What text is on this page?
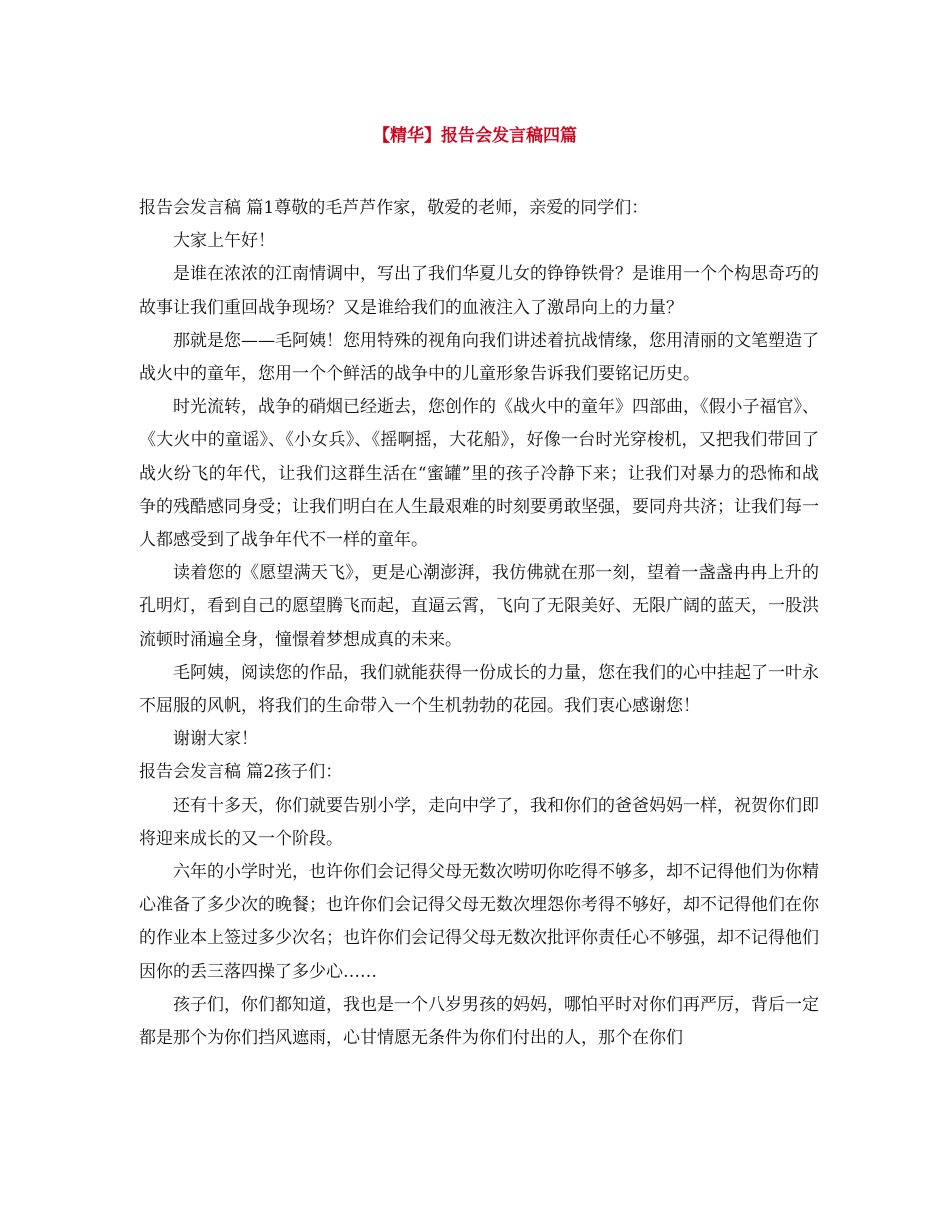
【精华】报告会发言稿四篇

报告会发言稿 篇1尊敬的毛芦芦作家，敬爱的老师，亲爱的同学们：

大家上午好！

是谁在浓浓的江南情调中，写出了我们华夏儿女的铮铮铁骨？是谁用一个个构思奇巧的故事让我们重回战争现场？又是谁给我们的血液注入了激昂向上的力量？

那就是您——毛阿姨！您用特殊的视角向我们讲述着抗战情缘，您用清丽的文笔塑造了战火中的童年，您用一个个鲜活的战争中的儿童形象告诉我们要铭记历史。

时光流转，战争的硝烟已经逝去，您创作的《战火中的童年》四部曲，《假小子福官》、《大火中的童谣》、《小女兵》、《摇啊摇，大花船》，好像一台时光穿梭机，又把我们带回了战火纷飞的年代，让我们这群生活在“蜜罐”里的孩子冷静下来；让我们对暴力的恐怖和战争的残酷感同身受；让我们明白在人生最艰难的时刻要勇敢坚强，要同舟共济；让我们每一人都感受到了战争年代不一样的童年。

读着您的《愿望满天飞》，更是心潮澎湃，我仿佛就在那一刻，望着一盏盏冉冉上升的孔明灯，看到自己的愿望腾飞而起，直逼云霄，飞向了无限美好、无限广阔的蓝天，一股洪流顿时涌遍全身，憧憬着梦想成真的未来。

毛阿姨，阅读您的作品，我们就能获得一份成长的力量，您在我们的心中挂起了一叶永不屈服的风帆，将我们的生命带入一个生机勃勃的花园。我们衷心感谢您！

谢谢大家！

报告会发言稿 篇2孩子们：

还有十多天，你们就要告别小学，走向中学了，我和你们的爸爸妈妈一样，祝贺你们即将迎来成长的又一个阶段。

六年的小学时光，也许你们会记得父母无数次唠叨你吃得不够多，却不记得他们为你精心准备了多少次的晚餐；也许你们会记得父母无数次埋怨你考得不够好，却不记得他们在你的作业本上签过多少次名；也许你们会记得父母无数次批评你责任心不够强，却不记得他们因你的丢三落四操了多少心……

孩子们，你们都知道，我也是一个八岁男孩的妈妈，哪怕平时对你们再严厉，背后一定都是那个为你们挡风遮雨，心甘情愿无条件为你们付出的人，那个在你们
